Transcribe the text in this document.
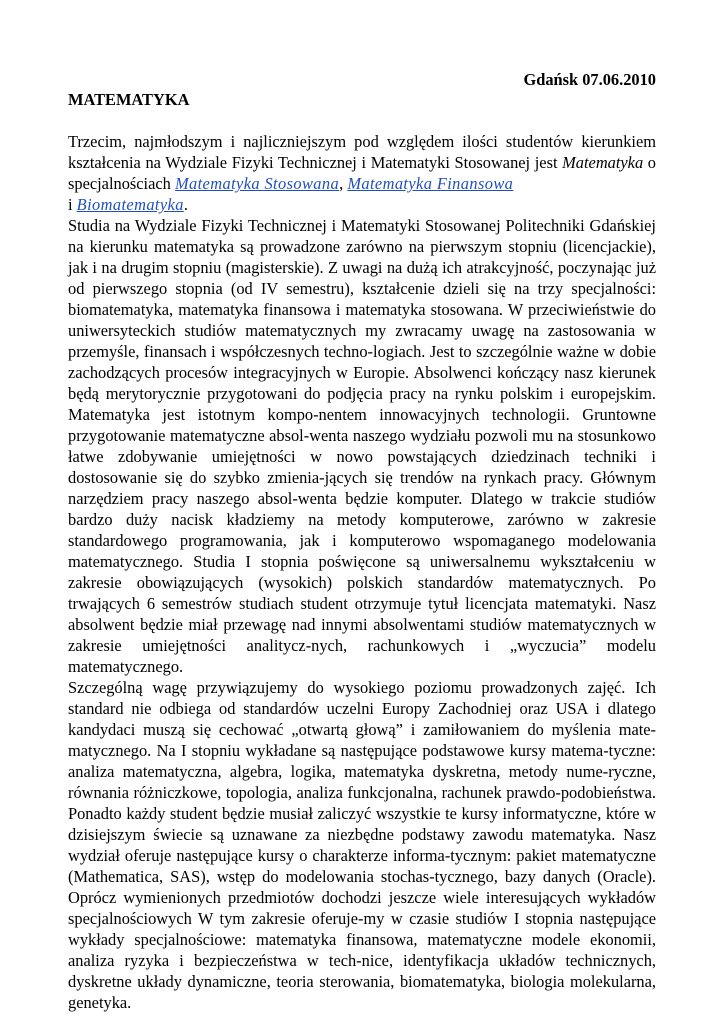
Gdańsk 07.06.2010
MATEMATYKA

Trzecim, najmłodszym i najliczniejszym pod względem ilości studentów kierunkiem kształcenia na Wydziale Fizyki Technicznej i Matematyki Stosowanej jest Matematyka o specjalnościach Matematyka Stosowana, Matematyka Finansowa
i Biomatematyka.

Studia na Wydziale Fizyki Technicznej i Matematyki Stosowanej Politechniki Gdańskiej na kierunku matematyka są prowadzone zarówno na pierwszym stopniu (licencjackie), jak i na drugim stopniu (magisterskie). Z uwagi na dużą ich atrakcyjność, poczynając już od pierwszego stopnia (od IV semestru), kształcenie dzieli się na trzy specjalności: biomatematyka, matematyka finansowa i matematyka stosowana. W przeciwieństwie do uniwersyteckich studiów matematycznych my zwracamy uwagę na zastosowania w przemyśle, finansach i współczesnych techno-logiach. Jest to szczególnie ważne w dobie zachodzących procesów integracyjnych w Europie. Absolwenci kończący nasz kierunek będą merytorycznie przygotowani do podjęcia pracy na rynku polskim i europejskim. Matematyka jest istotnym kompo-nentem innowacyjnych technologii. Gruntowne przygotowanie matematyczne absol-wenta naszego wydziału pozwoli mu na stosunkowo łatwe zdobywanie umiejętności w nowo powstających dziedzinach techniki i dostosowanie się do szybko zmienia-jących się trendów na rynkach pracy. Głównym narzędziem pracy naszego absol-wenta będzie komputer. Dlatego w trakcie studiów bardzo duży nacisk kładziemy na metody komputerowe, zarówno w zakresie standardowego programowania, jak i komputerowo wspomaganego modelowania matematycznego. Studia I stopnia poświęcone są uniwersalnemu wykształceniu w zakresie obowiązujących (wysokich) polskich standardów matematycznych. Po trwających 6 semestrów studiach student otrzymuje tytuł licencjata matematyki. Nasz absolwent będzie miał przewagę nad innymi absolwentami studiów matematycznych w zakresie umiejętności analitycz-nych, rachunkowych i „wyczucia” modelu matematycznego.

Szczególną wagę przywiązujemy do wysokiego poziomu prowadzonych zajęć. Ich standard nie odbiega od standardów uczelni Europy Zachodniej oraz USA i dlatego kandydaci muszą się cechować „otwartą głową” i zamiłowaniem do myślenia mate-matycznego. Na I stopniu wykładane są następujące podstawowe kursy matema-tyczne: analiza matematyczna, algebra, logika, matematyka dyskretna, metody nume-ryczne, równania różniczkowe, topologia, analiza funkcjonalna, rachunek prawdo-podobieństwa. Ponadto każdy student będzie musiał zaliczyć wszystkie te kursy informatyczne, które w dzisiejszym świecie są uznawane za niezbędne podstawy zawodu matematyka. Nasz wydział oferuje następujące kursy o charakterze informa-tycznym: pakiet matematyczne (Mathematica, SAS), wstęp do modelowania stochas-tycznego, bazy danych (Oracle). Oprócz wymienionych przedmiotów dochodzi jeszcze wiele interesujących wykładów specjalnościowych W tym zakresie oferuje-my w czasie studiów I stopnia następujące wykłady specjalnościowe: matematyka finansowa, matematyczne modele ekonomii, analiza ryzyka i bezpieczeństwa w tech-nice, identyfikacja układów technicznych, dyskretne układy dynamiczne, teoria sterowania, biomatematyka, biologia molekularna, genetyka.
